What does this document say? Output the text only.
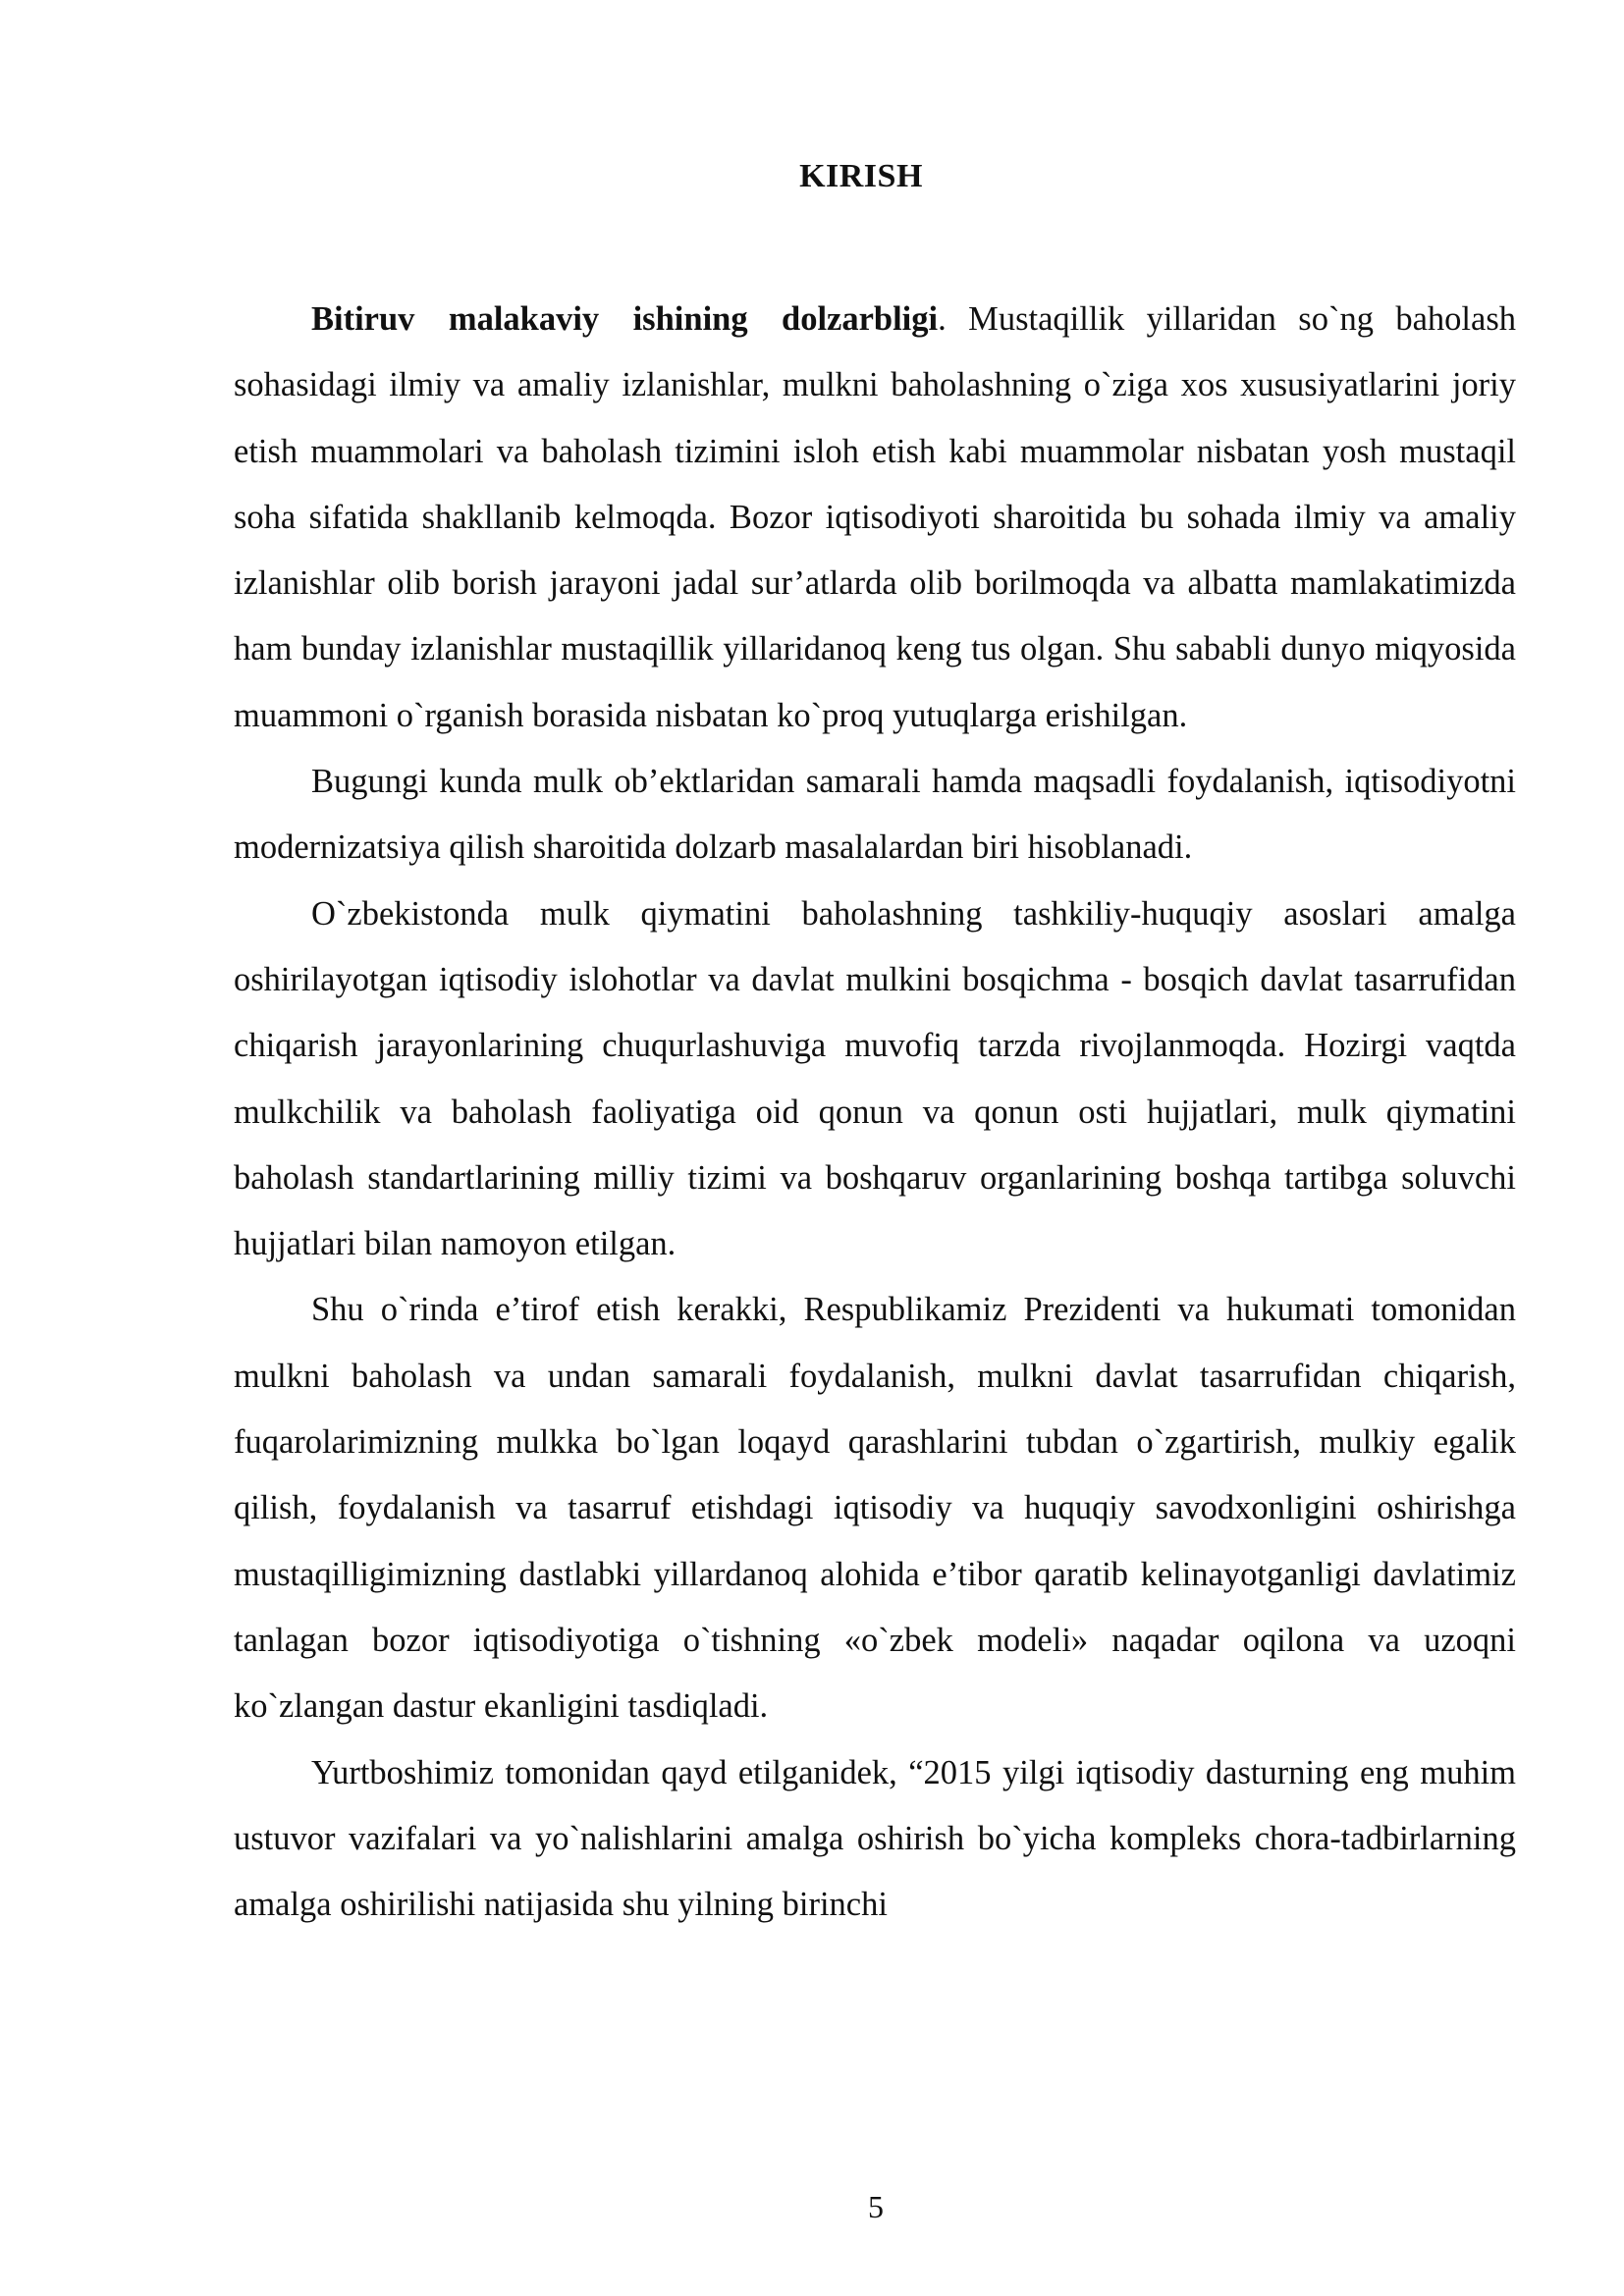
KIRISH

Bitiruv malakaviy ishining dolzarbligi. Mustaqillik yillaridan so`ng baholash sohasidagi ilmiy va amaliy izlanishlar, mulkni baholashning o`ziga xos xususiyatlarini joriy etish muammolari va baholash tizimini isloh etish kabi muammolar nisbatan yosh mustaqil soha sifatida shakllanib kelmoqda. Bozor iqtisodiyoti sharoitida bu sohada ilmiy va amaliy izlanishlar olib borish jarayoni jadal sur’atlarda olib borilmoqda va albatta mamlakatimizda ham bunday izlanishlar mustaqillik yillaridanoq keng tus olgan. Shu sababli dunyo miqyosida muammoni o`rganish borasida nisbatan ko`proq yutuqlarga erishilgan.

Bugungi kunda mulk ob’ektlaridan samarali hamda maqsadli foydalanish, iqtisodiyotni modernizatsiya qilish sharoitida dolzarb masalalardan biri hisoblanadi.

O`zbekistonda mulk qiymatini baholashning tashkiliy-huquqiy asoslari amalga oshirilayotgan iqtisodiy islohotlar va davlat mulkini bosqichma - bosqich davlat tasarrufidan chiqarish jarayonlarining chuqurlashuviga muvofiq tarzda rivojlanmoqda. Hozirgi vaqtda mulkchilik va baholash faoliyatiga oid qonun va qonun osti hujjatlari, mulk qiymatini baholash standartlarining milliy tizimi va boshqaruv organlarining boshqa tartibga soluvchi hujjatlari bilan namoyon etilgan.

Shu o`rinda e’tirof etish kerakki, Respublikamiz Prezidenti va hukumati tomonidan mulkni baholash va undan samarali foydalanish, mulkni davlat tasarrufidan chiqarish, fuqarolarimizning mulkka bo`lgan loqayd qarashlarini tubdan o`zgartirish, mulkiy egalik qilish, foydalanish va tasarruf etishdagi iqtisodiy va huquqiy savodxonligini oshirishga mustaqilligimizning dastlabki yillardanoq alohida e’tibor qaratib kelinayotganligi davlatimiz tanlagan bozor iqtisodiyotiga o`tishning «o`zbek modeli» naqadar oqilona va uzoqni ko`zlangan dastur ekanligini tasdiqladi.

Yurtboshimiz tomonidan qayd etilganidek, “2015 yilgi iqtisodiy dasturning eng muhim ustuvor vazifalari va yo`nalishlarini amalga oshirish bo`yicha kompleks chora-tadbirlarning amalga oshirilishi natijasida shu yilning birinchi

5
